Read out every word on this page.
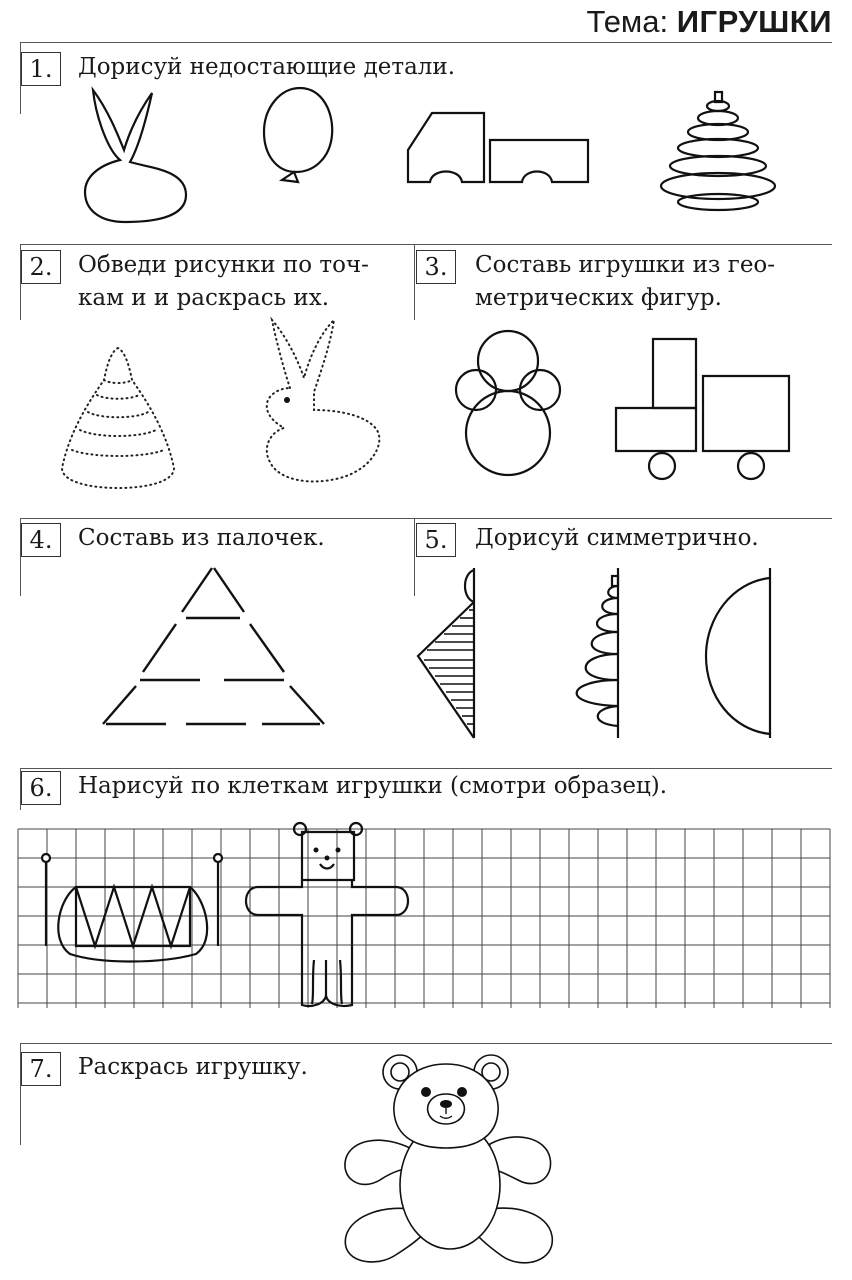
Тема: ИГРУШКИ
1.	Дорисуй недостающие детали.
2.	Обведи рисунки по точ-
кам и и раскрась их.
3.	Составь игрушки из гео-
метрических фигур.
4.	Составь из палочек.	5.	Дорисуй симметрично.
6.	Нарисуй по клеткам игрушки (смотри образец).
7.	Раскрась игрушку.
